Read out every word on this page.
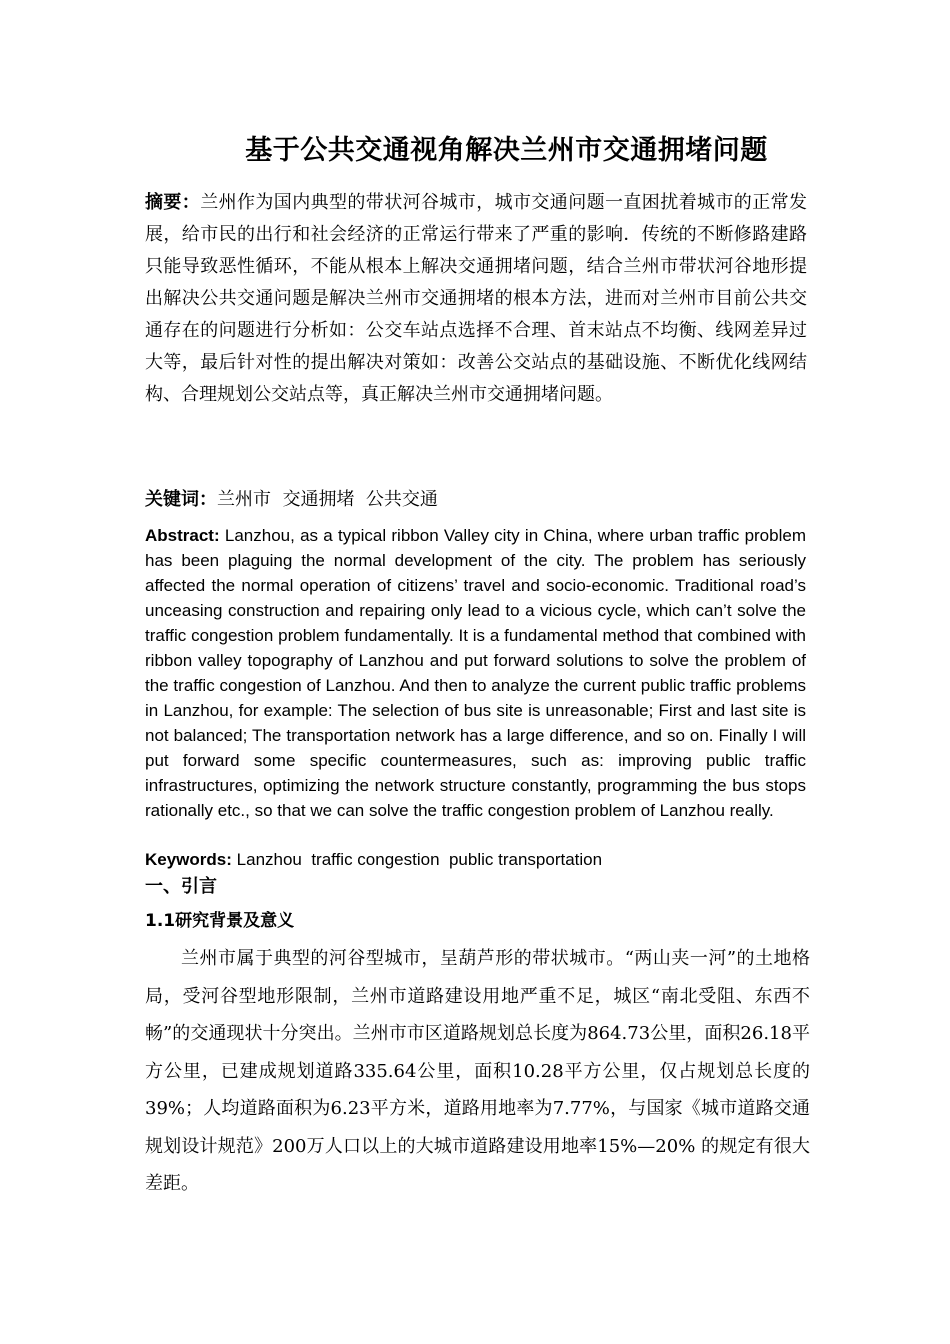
基于公共交通视角解决兰州市交通拥堵问题
摘要：兰州作为国内典型的带状河谷城市，城市交通问题一直困扰着城市的正常发展，给市民的出行和社会经济的正常运行带来了严重的影响．传统的不断修路建路只能导致恶性循环，不能从根本上解决交通拥堵问题，结合兰州市带状河谷地形提出解决公共交通问题是解决兰州市交通拥堵的根本方法，进而对兰州市目前公共交通存在的问题进行分析如：公交车站点选择不合理、首末站点不均衡、线网差异过大等，最后针对性的提出解决对策如：改善公交站点的基础设施、不断优化线网结构、合理规划公交站点等，真正解决兰州市交通拥堵问题。
关键词：兰州市  交通拥堵  公共交通
Abstract: Lanzhou, as a typical ribbon Valley city in China, where urban traffic problem has been plaguing the normal development of the city. The problem has seriously affected the normal operation of citizens’ travel and socio-economic. Traditional road’s unceasing construction and repairing only lead to a vicious cycle, which can’t solve the traffic congestion problem fundamentally. It is a fundamental method that combined with ribbon valley topography of Lanzhou and put forward solutions to solve the problem of the traffic congestion of Lanzhou. And then to analyze the current public traffic problems in Lanzhou, for example: The selection of bus site is unreasonable; First and last site is not balanced; The transportation network has a large difference, and so on. Finally I will put forward some specific countermeasures, such as: improving public traffic infrastructures, optimizing the network structure constantly, programming the bus stops rationally etc., so that we can solve the traffic congestion problem of Lanzhou really.
Keywords: Lanzhou  traffic congestion  public transportation
一、引言
1.1研究背景及意义
兰州市属于典型的河谷型城市，呈葫芦形的带状城市。“两山夹一河”的土地格局，受河谷型地形限制，兰州市道路建设用地严重不足，城区“南北受阻、东西不畅”的交通现状十分突出。兰州市市区道路规划总长度为864.73公里，面积26.18平方公里，已建成规划道路335.64公里，面积10.28平方公里，仅占规划总长度的39%；人均道路面积为6.23平方米，道路用地率为7.77%，与国家《城市道路交通规划设计规范》200万人口以上的大城市道路建设用地率15%—20% 的规定有很大差距。
